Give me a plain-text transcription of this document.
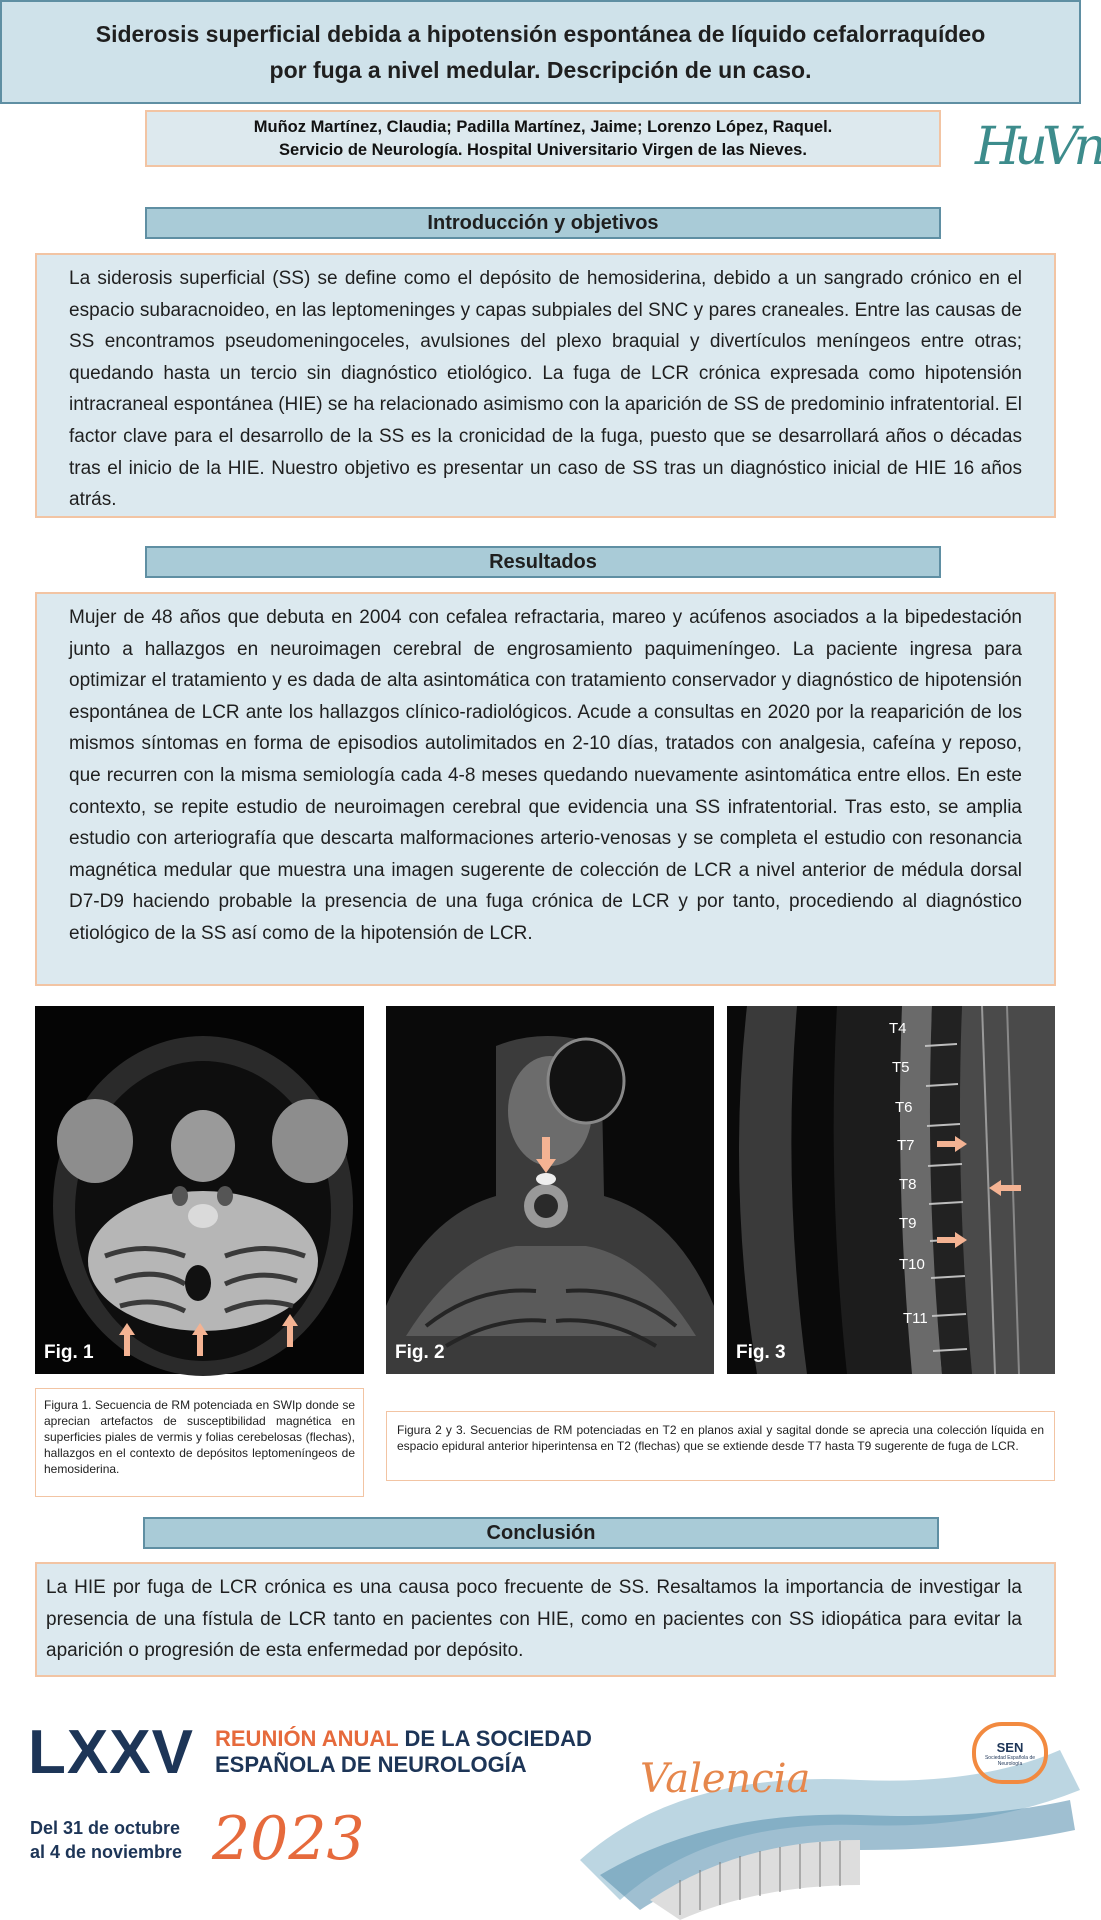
Siderosis superficial debida a hipotensión espontánea de líquido cefalorraquídeo
por fuga a nivel medular. Descripción de un caso.
Muñoz Martínez, Claudia; Padilla Martínez, Jaime; Lorenzo López, Raquel.
Servicio de Neurología. Hospital Universitario Virgen de las Nieves.	HuVn
Introducción y objetivos
La siderosis superficial (SS) se define como el depósito de hemosiderina, debido a un sangrado crónico en el espacio subaracnoideo, en las leptomeninges y capas subpiales del SNC y pares craneales. Entre las causas de SS encontramos pseudomeningoceles, avulsiones del plexo braquial y divertículos meníngeos entre otras; quedando hasta un tercio sin diagnóstico etiológico. La fuga de LCR crónica expresada como hipotensión intracraneal espontánea (HIE) se ha relacionado asimismo con la aparición de SS de predominio infratentorial. El factor clave para el desarrollo de la SS es la cronicidad de la fuga, puesto que se desarrollará años o décadas tras el inicio de la HIE. Nuestro objetivo es presentar un caso de SS tras un diagnóstico inicial de HIE 16 años atrás.
Resultados
Mujer de 48 años que debuta en 2004 con cefalea refractaria, mareo y acúfenos asociados a la bipedestación junto a hallazgos en neuroimagen cerebral de engrosamiento paquimeníngeo. La paciente ingresa para optimizar el tratamiento y es dada de alta asintomática con tratamiento conservador y diagnóstico de hipotensión espontánea de LCR ante los hallazgos clínico-radiológicos. Acude a consultas en 2020 por la reaparición de los mismos síntomas en forma de episodios autolimitados en 2-10 días, tratados con analgesia, cafeína y reposo, que recurren con la misma semiología cada 4-8 meses quedando nuevamente asintomática entre ellos. En este contexto, se repite estudio de neuroimagen cerebral que evidencia una SS infratentorial. Tras esto, se amplia estudio con arteriografía que descarta malformaciones arterio-venosas y se completa el estudio con resonancia magnética medular que muestra una imagen sugerente de colección de LCR a nivel anterior de médula dorsal D7-D9 haciendo probable la presencia de una fuga crónica de LCR y por tanto, procediendo al diagnóstico etiológico de la SS así como de la hipotensión de LCR.
Fig. 1	Fig. 2
T4
T5
T6
T7
T8
T9
T10
T11
Fig. 3
Figura 1. Secuencia de RM potenciada en SWIp donde se aprecian artefactos de susceptibilidad magnética en superficies piales de vermis y folias cerebelosas (flechas), hallazgos en el contexto de depósitos leptomeníngeos de hemosiderina.
Figura 2 y 3. Secuencias de RM potenciadas en T2 en planos axial y sagital donde se aprecia una colección líquida en espacio epidural anterior hiperintensa en T2 (flechas) que se extiende desde T7 hasta T9 sugerente de fuga de LCR.
Conclusión
La HIE por fuga de LCR crónica es una causa poco frecuente de SS. Resaltamos la importancia de investigar la presencia de una fístula de LCR tanto en pacientes con HIE, como en pacientes con SS idiopática para evitar la aparición o progresión de esta enfermedad por depósito.
LXXV REUNIÓN ANUAL DE LA SOCIEDAD
ESPAÑOLA DE NEUROLOGÍA	Valencia
Del 31 de octubre
al 4 de noviembre 2023
SEN
Sociedad Española de Neurología
